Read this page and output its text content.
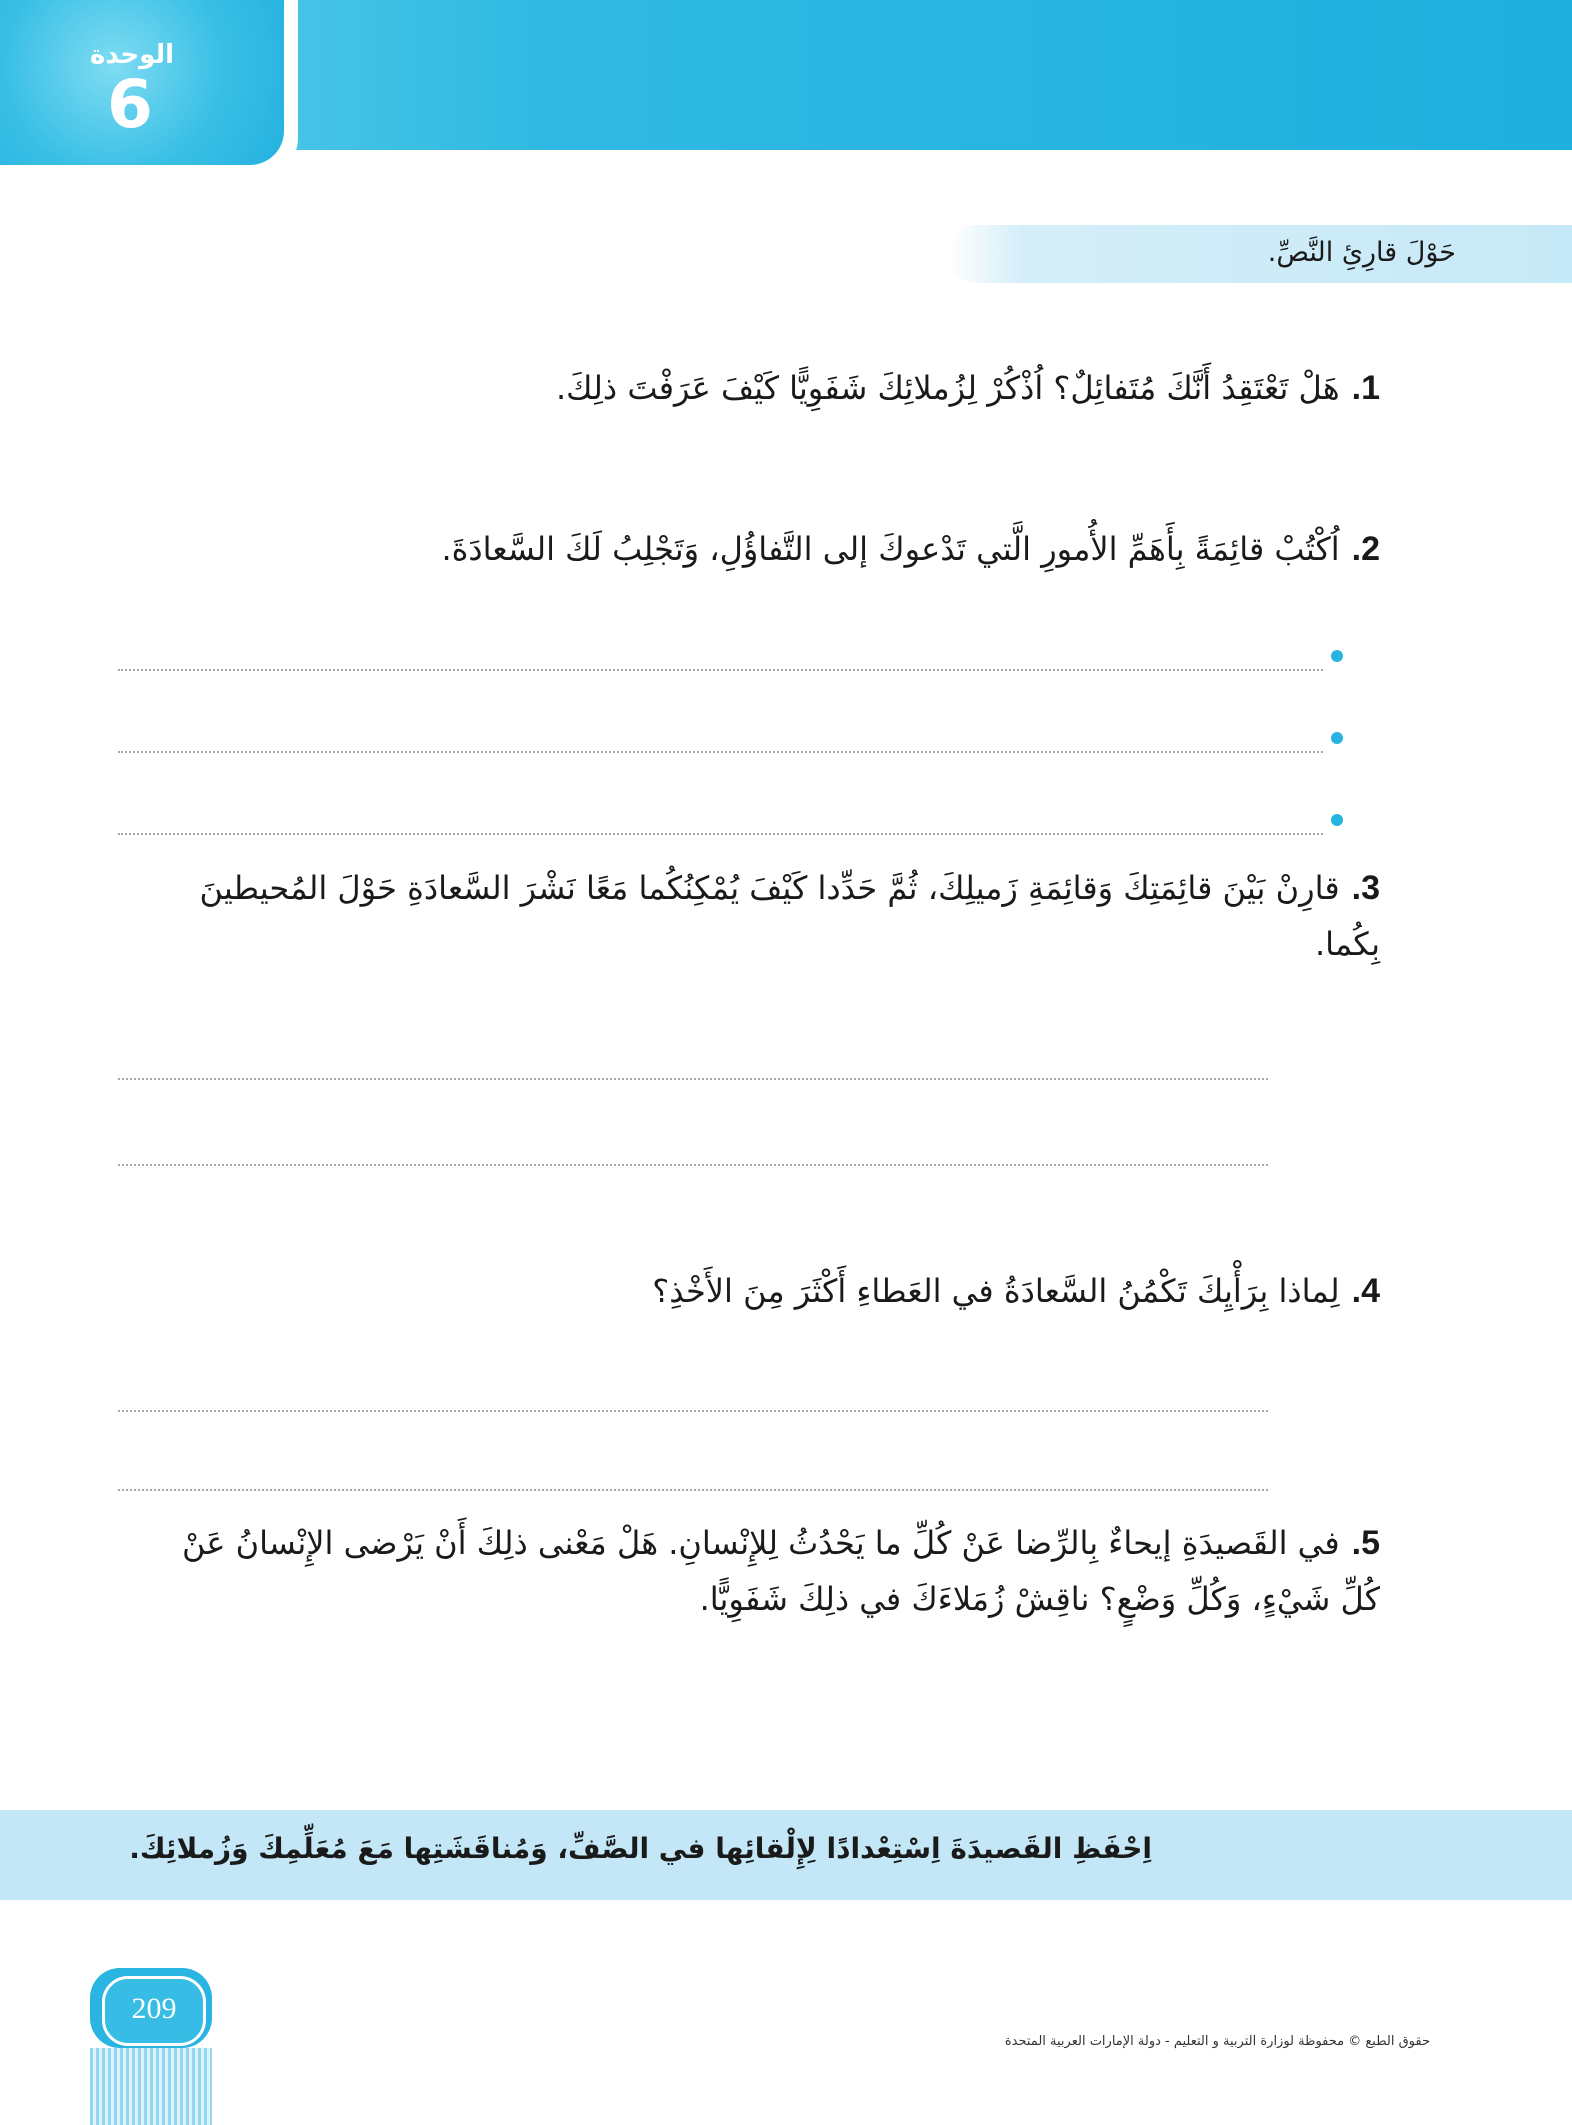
الوحدة
6
حَوْلَ قارِئِ النَّصِّ.
1.هَلْ تَعْتَقِدُ أَنَّكَ مُتَفائِلٌ؟ اُذْكُرْ لِزُملائِكَ شَفَوِيًّا كَيْفَ عَرَفْتَ ذلِكَ.
2.اُكْتُبْ قائِمَةً بِأَهَمِّ الأُمورِ الَّتي تَدْعوكَ إلى التَّفاؤُلِ، وَتَجْلِبُ لَكَ السَّعادَةَ.
3.قارِنْ بَيْنَ قائِمَتِكَ وَقائِمَةِ زَميلِكَ، ثُمَّ حَدِّدا كَيْفَ يُمْكِنُكُما مَعًا نَشْرَ السَّعادَةِ حَوْلَ المُحيطينَ
بِكُما.
4.لِماذا بِرَأْيِكَ تَكْمُنُ السَّعادَةُ في العَطاءِ أَكْثَرَ مِنَ الأَخْذِ؟
5.في القَصيدَةِ إيحاءٌ بِالرِّضا عَنْ كُلِّ ما يَحْدُثُ لِلإِنْسانِ. هَلْ مَعْنى ذلِكَ أَنْ يَرْضى الإِنْسانُ عَنْ
كُلِّ شَيْءٍ، وَكُلِّ وَضْعٍ؟ ناقِشْ زُمَلاءَكَ في ذلِكَ شَفَوِيًّا.
اِحْفَظِ القَصيدَةَ اِسْتِعْدادًا لِإِلْقائِها في الصَّفِّ، وَمُناقَشَتِها مَعَ مُعَلِّمِكَ وَزُملائِكَ.
209
حقوق الطبع © محفوظة لوزارة التربية و التعليم - دولة الإمارات العربية المتحدة
